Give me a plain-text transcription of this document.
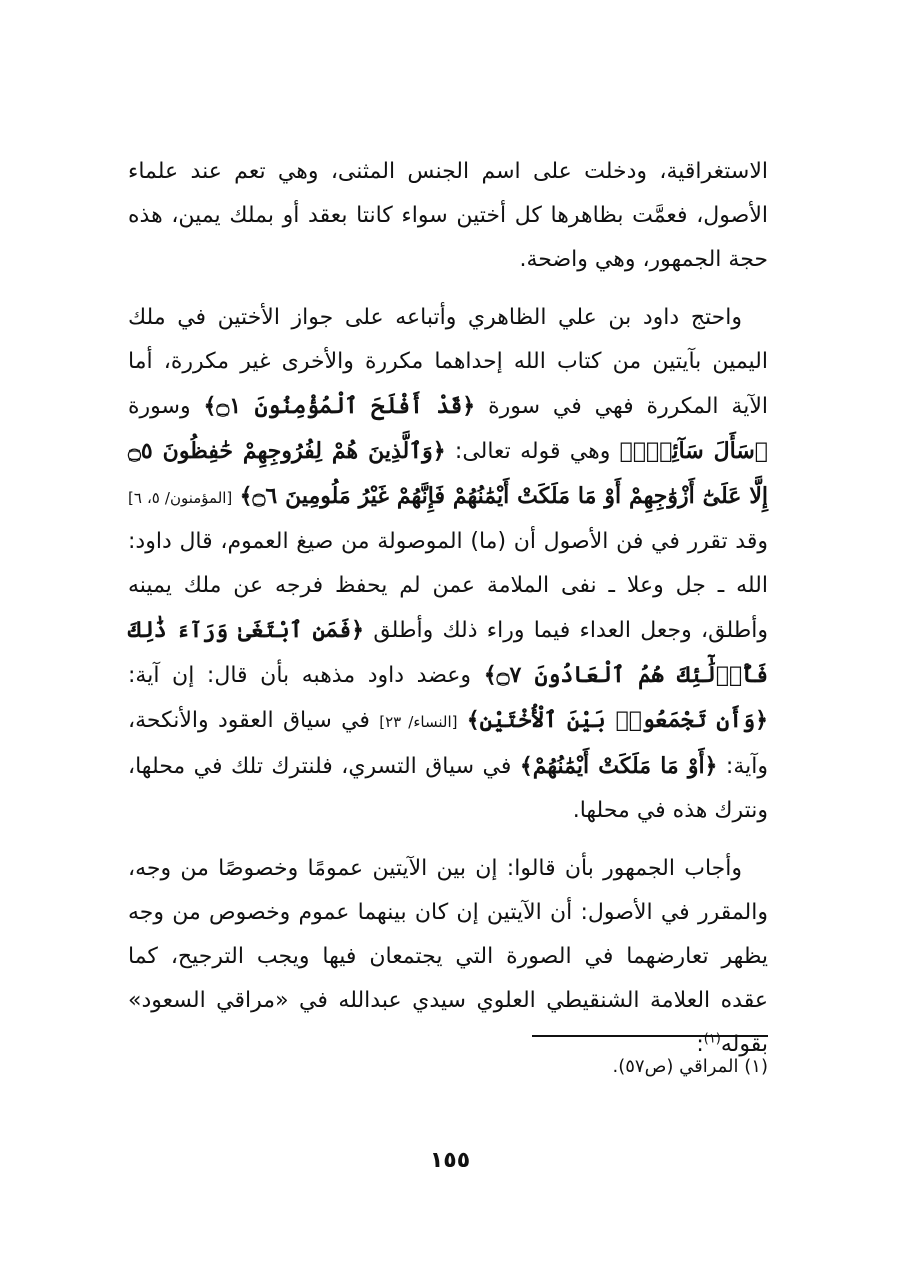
الاستغراقية، ودخلت على اسم الجنس المثنى، وهي تعم عند علماء الأصول، فعمَّت بظاهرها كل أختين سواء كانتا بعقد أو بملك يمين، هذه حجة الجمهور، وهي واضحة.

واحتج داود بن علي الظاهري وأتباعه على جواز الأختين في ملك اليمين بآيتين من كتاب الله إحداهما مكررة والأخرى غير مكررة، أما الآية المكررة فهي في سورة ﴿قَدْ أَفْلَحَ ٱلْمُؤْمِنُونَ ۝١﴾ وسورة ﴿سَأَلَ سَآئِلٌۢ﴾ وهي قوله تعالى: ﴿وَٱلَّذِينَ هُمْ لِفُرُوجِهِمْ حَٰفِظُونَ ۝٥ إِلَّا عَلَىٰٓ أَزْوَٰجِهِمْ أَوْ مَا مَلَكَتْ أَيْمَٰنُهُمْ فَإِنَّهُمْ غَيْرُ مَلُومِينَ ۝٦﴾ [المؤمنون/ ٥، ٦] وقد تقرر في فن الأصول أن (ما) الموصولة من صيغ العموم، قال داود: الله ـ جل وعلا ـ نفى الملامة عمن لم يحفظ فرجه عن ملك يمينه وأطلق، وجعل العداء فيما وراء ذلك وأطلق ﴿فَمَنِ ٱبْتَغَىٰ وَرَآءَ ذَٰلِكَ فَأُو۟لَٰٓئِكَ هُمُ ٱلْعَادُونَ ۝٧﴾ وعضد داود مذهبه بأن قال: إن آية: ﴿وَأَن تَجْمَعُوا۟ بَيْنَ ٱلْأُخْتَيْنِ﴾ [النساء/ ٢٣] في سياق العقود والأنكحة، وآية: ﴿أَوْ مَا مَلَكَتْ أَيْمَٰنُهُمْ﴾ في سياق التسري، فلنترك تلك في محلها، ونترك هذه في محلها.

وأجاب الجمهور بأن قالوا: إن بين الآيتين عمومًا وخصوصًا من وجه، والمقرر في الأصول: أن الآيتين إن كان بينهما عموم وخصوص من وجه يظهر تعارضهما في الصورة التي يجتمعان فيها ويجب الترجيح، كما عقده العلامة الشنقيطي العلوي سيدي عبدالله في «مراقي السعود» بقوله$^{(١)}$:

(١) المراقي (ص٥٧).
١٥٥
